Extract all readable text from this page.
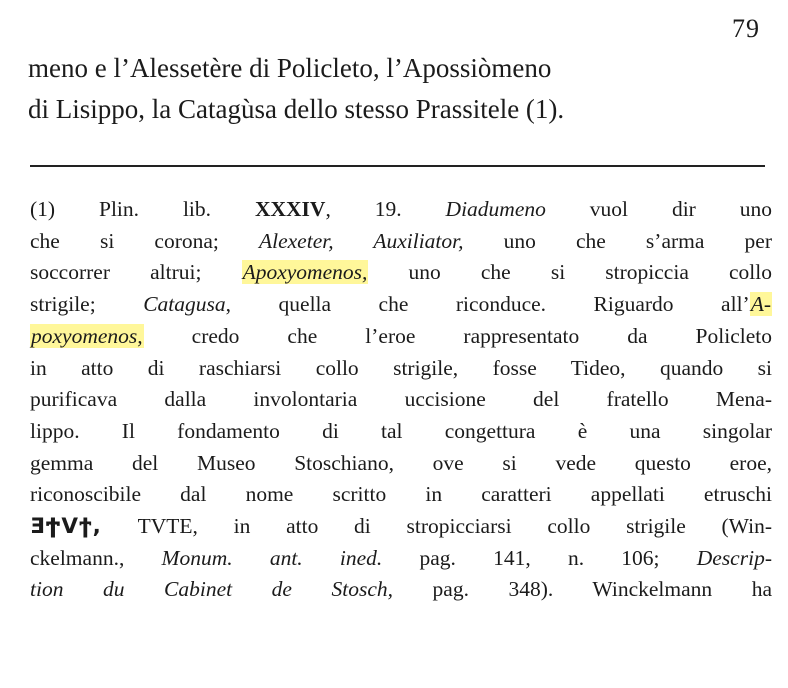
79
meno e l’Alessetère di Policleto, l’Apossiòmeno
di Lisippo, la Catagùsa dello stesso Prassitele (1).
(1) Plin. lib. XXXIV, 19. Diadumeno vuol dir uno
che si corona; Alexeter, Auxiliator, uno che s’arma per
soccorrer altrui; Apoxyomenos, uno che si stropiccia collo
strigile; Catagusa, quella che riconduce. Riguardo all’A-
poxyomenos, credo che l’eroe rappresentato da Policleto
in atto di raschiarsi collo strigile, fosse Tideo, quando si
purificava dalla involontaria uccisione del fratello Mena-
lippo. Il fondamento di tal congettura è una singolar
gemma del Museo Stoschiano, ove si vede questo eroe,
riconoscibile dal nome scritto in caratteri appellati etruschi
ƎϮVϯ, TVTE, in atto di stropicciarsi collo strigile (Win-
ckelmann., Monum. ant. ined. pag. 141, n. 106; Descrip-
tion du Cabinet de Stosch, pag. 348). Winckelmann ha
